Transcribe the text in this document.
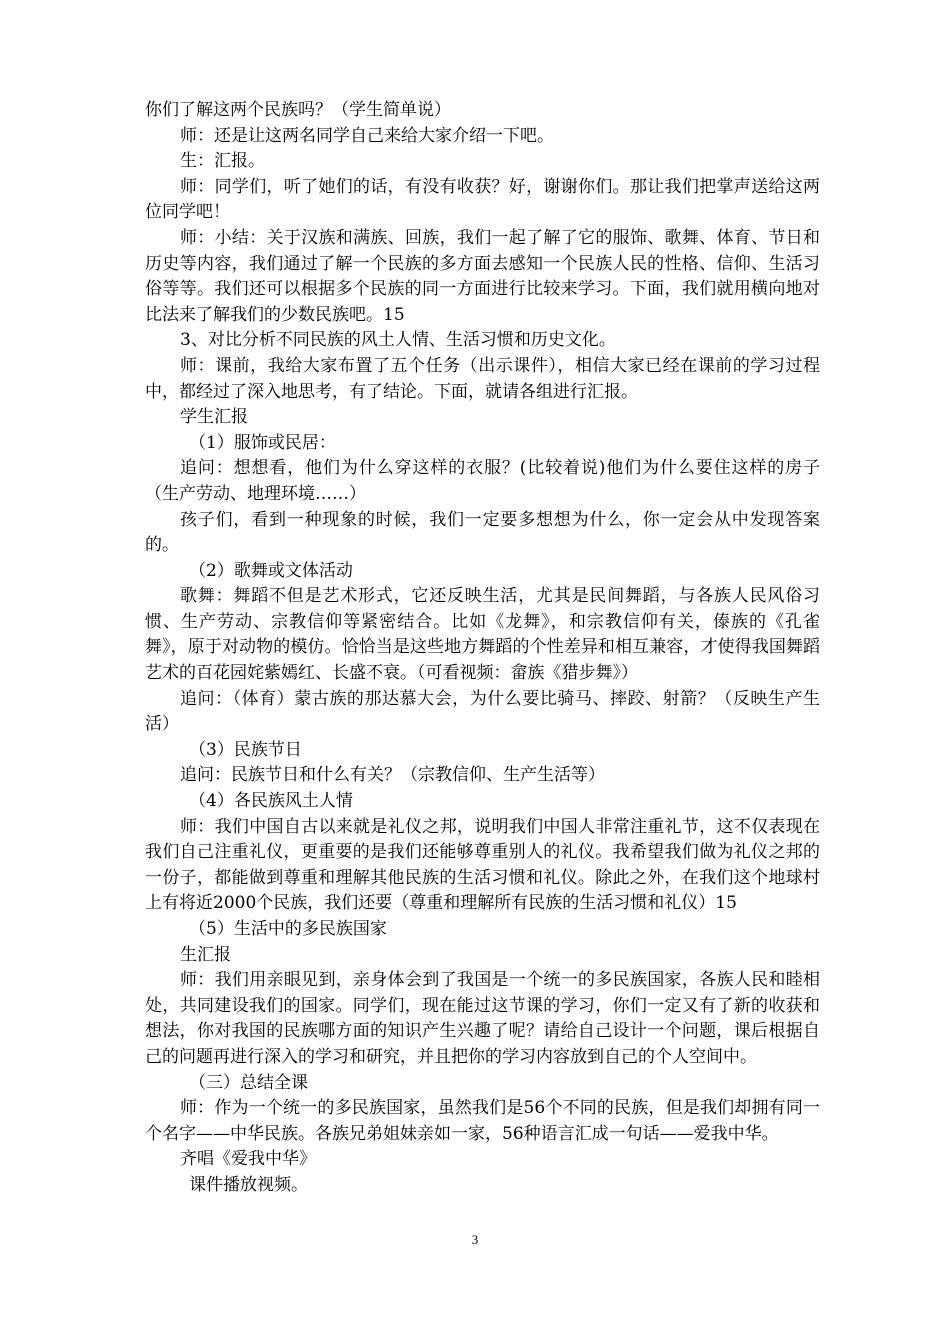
你们了解这两个民族吗？（学生简单说）

师：还是让这两名同学自己来给大家介绍一下吧。

生：汇报。

师：同学们，听了她们的话，有没有收获？好，谢谢你们。那让我们把掌声送给这两位同学吧！

师：小结：关于汉族和满族、回族，我们一起了解了它的服饰、歌舞、体育、节日和历史等内容，我们通过了解一个民族的多方面去感知一个民族人民的性格、信仰、生活习俗等等。我们还可以根据多个民族的同一方面进行比较来学习。下面，我们就用横向地对比法来了解我们的少数民族吧。15

3、对比分析不同民族的风土人情、生活习惯和历史文化。

师：课前，我给大家布置了五个任务（出示课件），相信大家已经在课前的学习过程中，都经过了深入地思考，有了结论。下面，就请各组进行汇报。

学生汇报

（1）服饰或民居：

追问：想想看，他们为什么穿这样的衣服？(比较着说)他们为什么要住这样的房子（生产劳动、地理环境……）

孩子们，看到一种现象的时候，我们一定要多想想为什么，你一定会从中发现答案的。

（2）歌舞或文体活动

歌舞：舞蹈不但是艺术形式，它还反映生活，尤其是民间舞蹈，与各族人民风俗习惯、生产劳动、宗教信仰等紧密结合。比如《龙舞》，和宗教信仰有关，傣族的《孔雀舞》，原于对动物的模仿。恰恰当是这些地方舞蹈的个性差异和相互兼容，才使得我国舞蹈艺术的百花园姹紫嫣红、长盛不衰。（可看视频：畲族《猎步舞》）

追问：（体育）蒙古族的那达慕大会，为什么要比骑马、摔跤、射箭？（反映生产生活）

（3）民族节日

追问：民族节日和什么有关？（宗教信仰、生产生活等）

（4）各民族风土人情

师：我们中国自古以来就是礼仪之邦，说明我们中国人非常注重礼节，这不仅表现在我们自己注重礼仪，更重要的是我们还能够尊重别人的礼仪。我希望我们做为礼仪之邦的一份子，都能做到尊重和理解其他民族的生活习惯和礼仪。除此之外，在我们这个地球村上有将近2000个民族，我们还要（尊重和理解所有民族的生活习惯和礼仪）15

（5）生活中的多民族国家

生汇报

师：我们用亲眼见到，亲身体会到了我国是一个统一的多民族国家，各族人民和睦相处，共同建设我们的国家。同学们，现在能过这节课的学习，你们一定又有了新的收获和想法，你对我国的民族哪方面的知识产生兴趣了呢？请给自己设计一个问题，课后根据自己的问题再进行深入的学习和研究，并且把你的学习内容放到自己的个人空间中。

（三）总结全课

师：作为一个统一的多民族国家，虽然我们是56个不同的民族，但是我们却拥有同一个名字——中华民族。各族兄弟姐妹亲如一家，56种语言汇成一句话——爱我中华。

齐唱《爱我中华》

课件播放视频。

3
